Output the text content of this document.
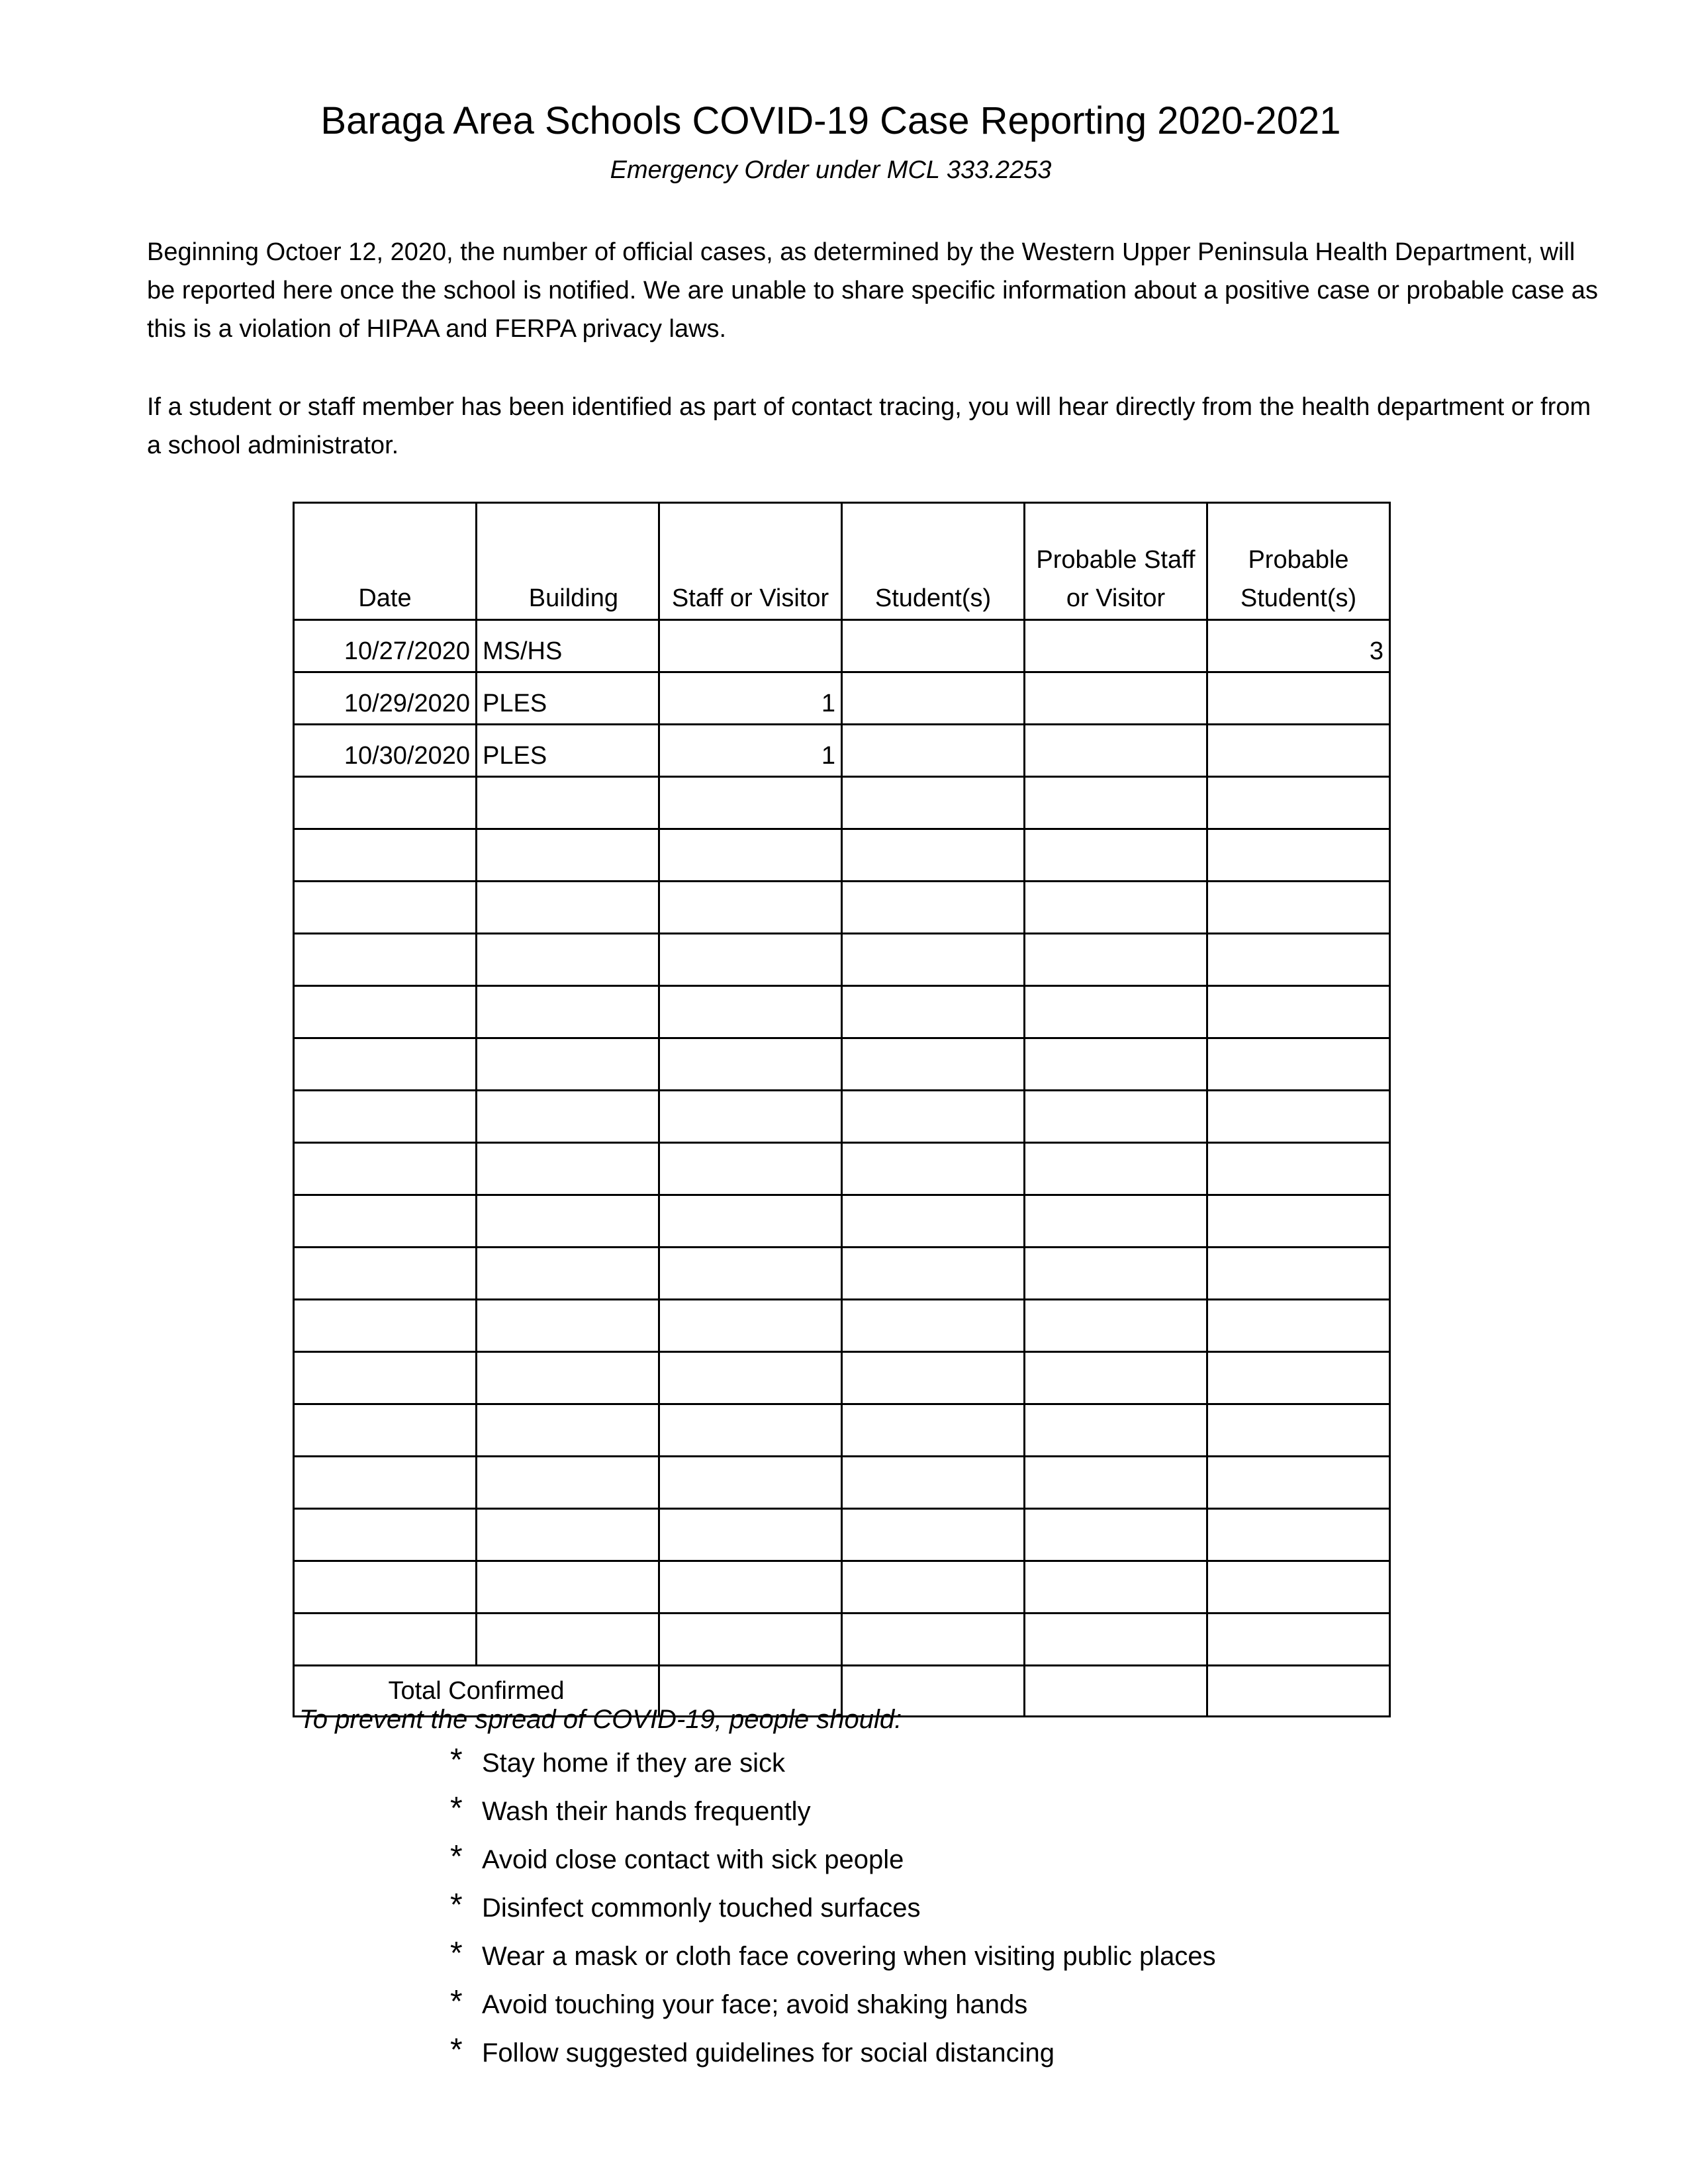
Baraga Area Schools COVID-19 Case Reporting 2020-2021
Emergency Order under MCL 333.2253

Beginning Octoer 12, 2020, the number of official cases, as determined by the Western Upper Peninsula Health Department, will be reported here once the school is notified. We are unable to share specific information about a positive case or probable case as this is a violation of HIPAA and FERPA privacy laws.

If a student or staff member has been identified as part of contact tracing, you will hear directly from the health department or from a school administrator.

Date	Building	Staff or Visitor	Student(s)	Probable Staff or Visitor	Probable Student(s)
10/27/2020	MS/HS				3
10/29/2020	PLES	1			
10/30/2020	PLES	1			

Total Confirmed					
To prevent the spread of COVID-19, people should:
* Stay home if they are sick
* Wash their hands frequently
* Avoid close contact with sick people
* Disinfect commonly touched surfaces
* Wear a mask or cloth face covering when visiting public places
* Avoid touching your face; avoid shaking hands
* Follow suggested guidelines for social distancing
